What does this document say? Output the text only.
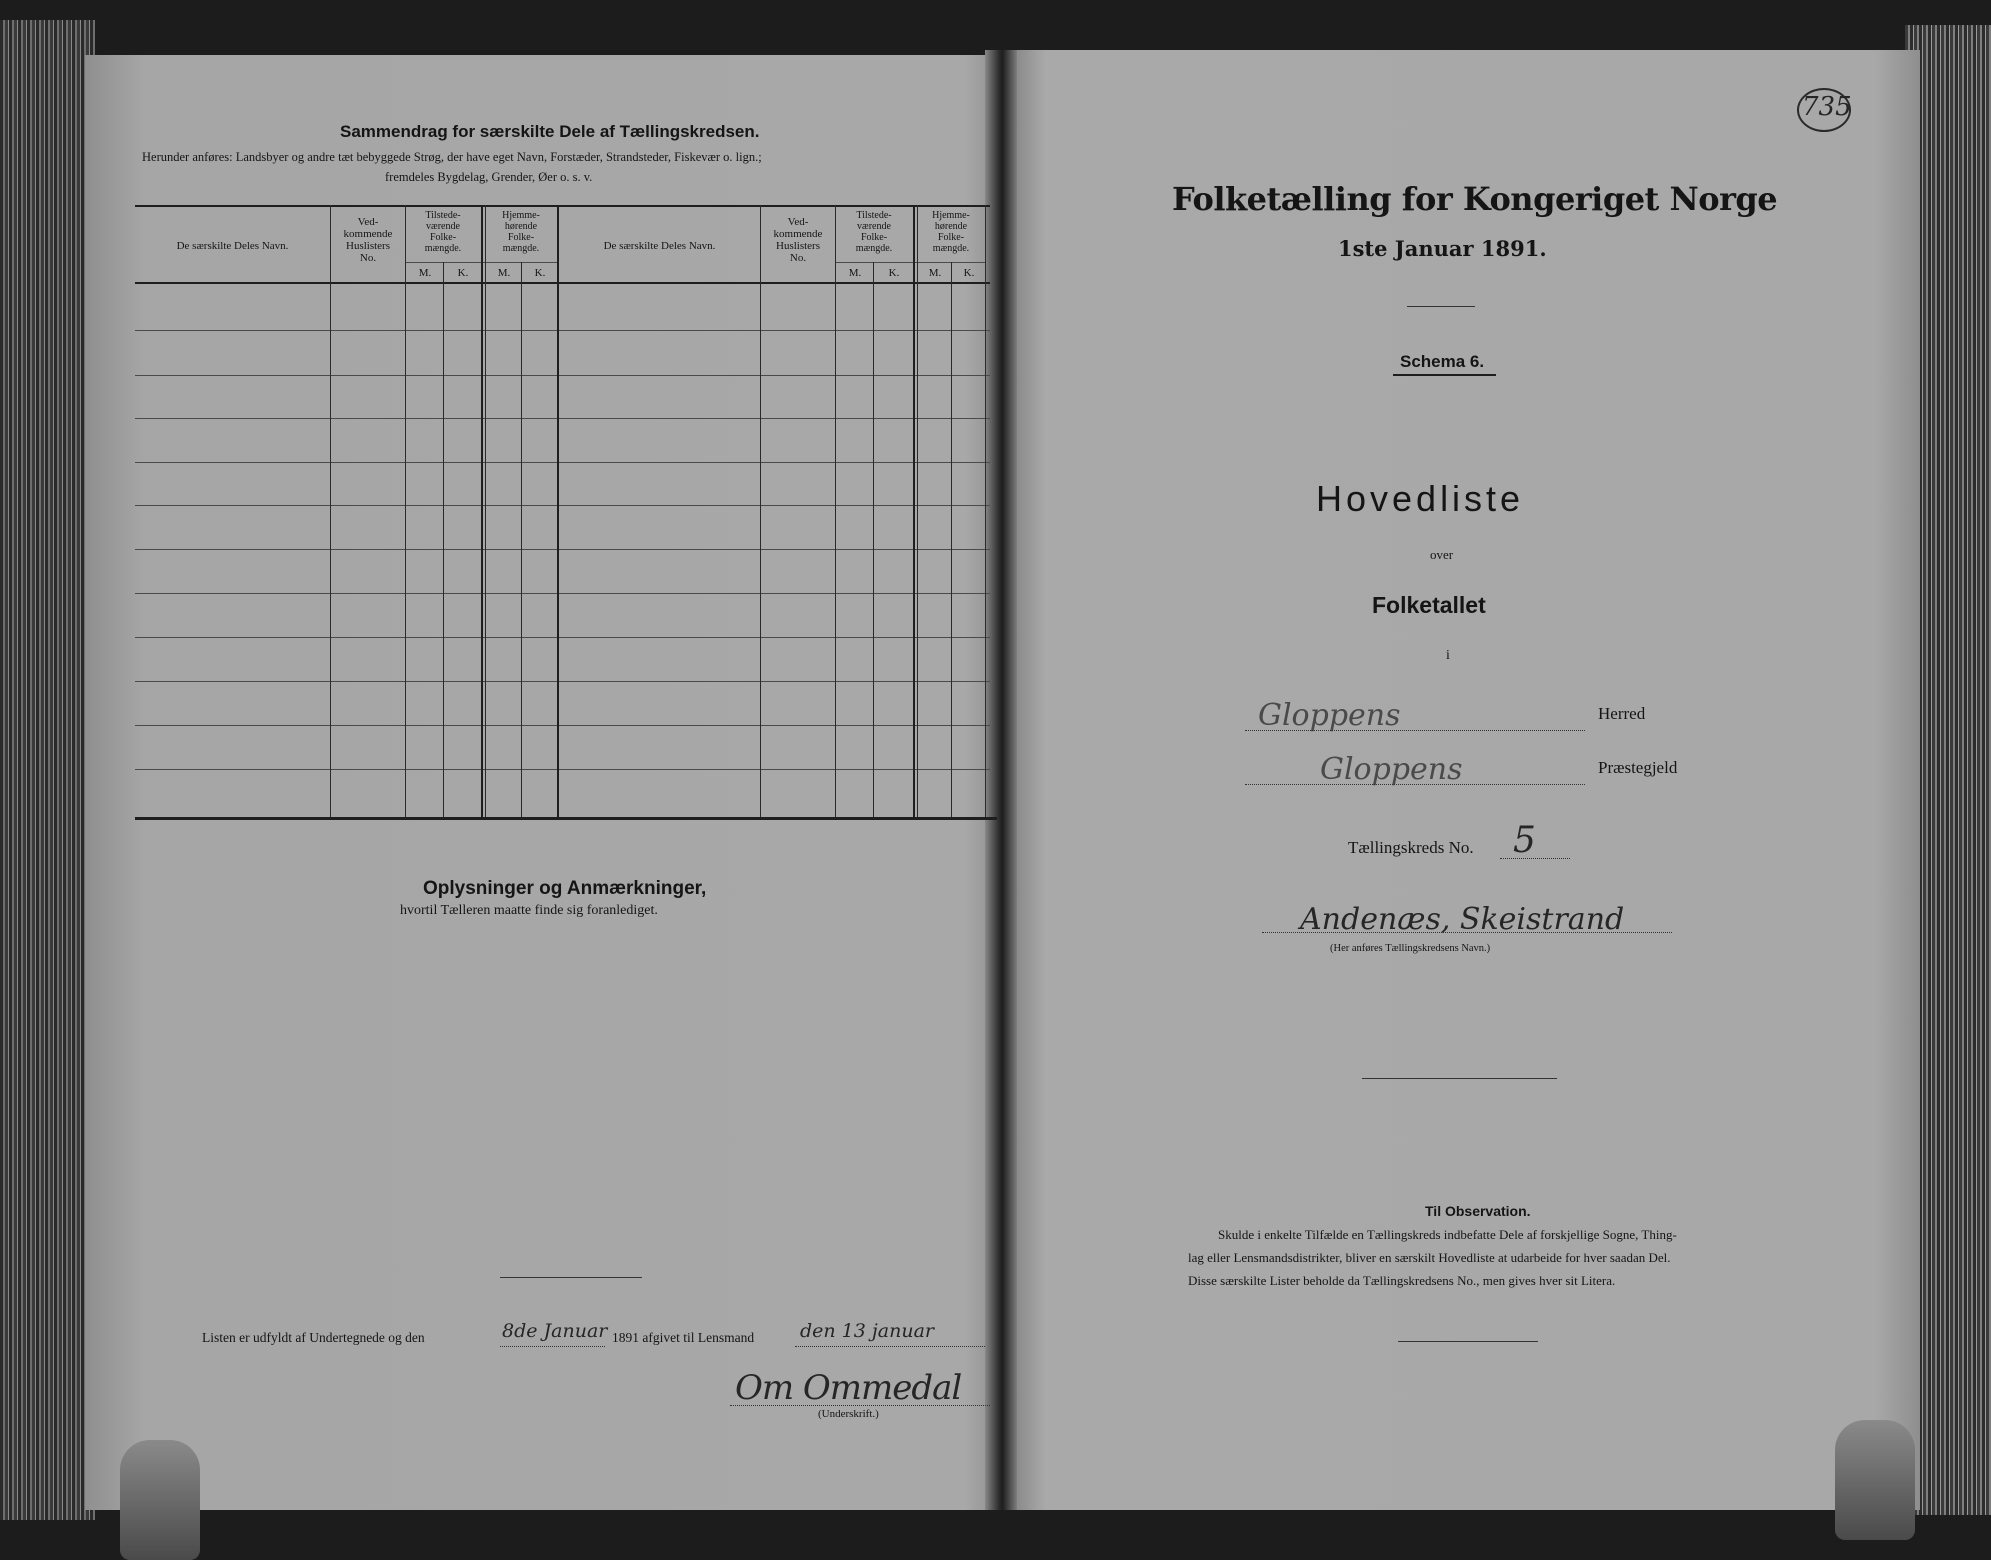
Sammendrag for særskilte Dele af Tællingskredsen.
Herunder anføres: Landsbyer og andre tæt bebyggede Strøg, der have eget Navn, Forstæder, Strandsteder, Fiskevær o. lign.;
fremdeles Bygdelag, Grender, Øer o. s. v.
De særskilte Deles Navn.
Ved-
kommende
Huslisters
No.
Tilstede-
værende
Folke-
mængde.
Hjemme-
hørende
Folke-
mængde.
M.	K.	M.	K.
De særskilte Deles Navn.
Ved-
kommende
Huslisters
No.
Tilstede-
værende
Folke-
mængde.
Hjemme-
hørende
Folke-
mængde.
M.	K.	M.	K.
Oplysninger og Anmærkninger,
hvortil Tælleren maatte finde sig foranlediget.
Listen er udfyldt af Undertegnede og den	8de Januar 1891 afgivet til Lensmand den 13 januar
Om Ommedal
(Underskrift.)
735
Folketælling for Kongeriget Norge
1ste Januar 1891.
Schema 6.
Hovedliste
over
Folketallet
i
Gloppens	Herred
Gloppens	Præstegjeld
Tællingskreds No. 5
Andenæs, Skeistrand
(Her anføres Tællingskredsens Navn.)
Til Observation.
Skulde i enkelte Tilfælde en Tællingskreds indbefatte Dele af forskjellige Sogne, Thing-
lag eller Lensmandsdistrikter, bliver en særskilt Hovedliste at udarbeide for hver saadan Del.
Disse særskilte Lister beholde da Tællingskredsens No., men gives hver sit Litera.
